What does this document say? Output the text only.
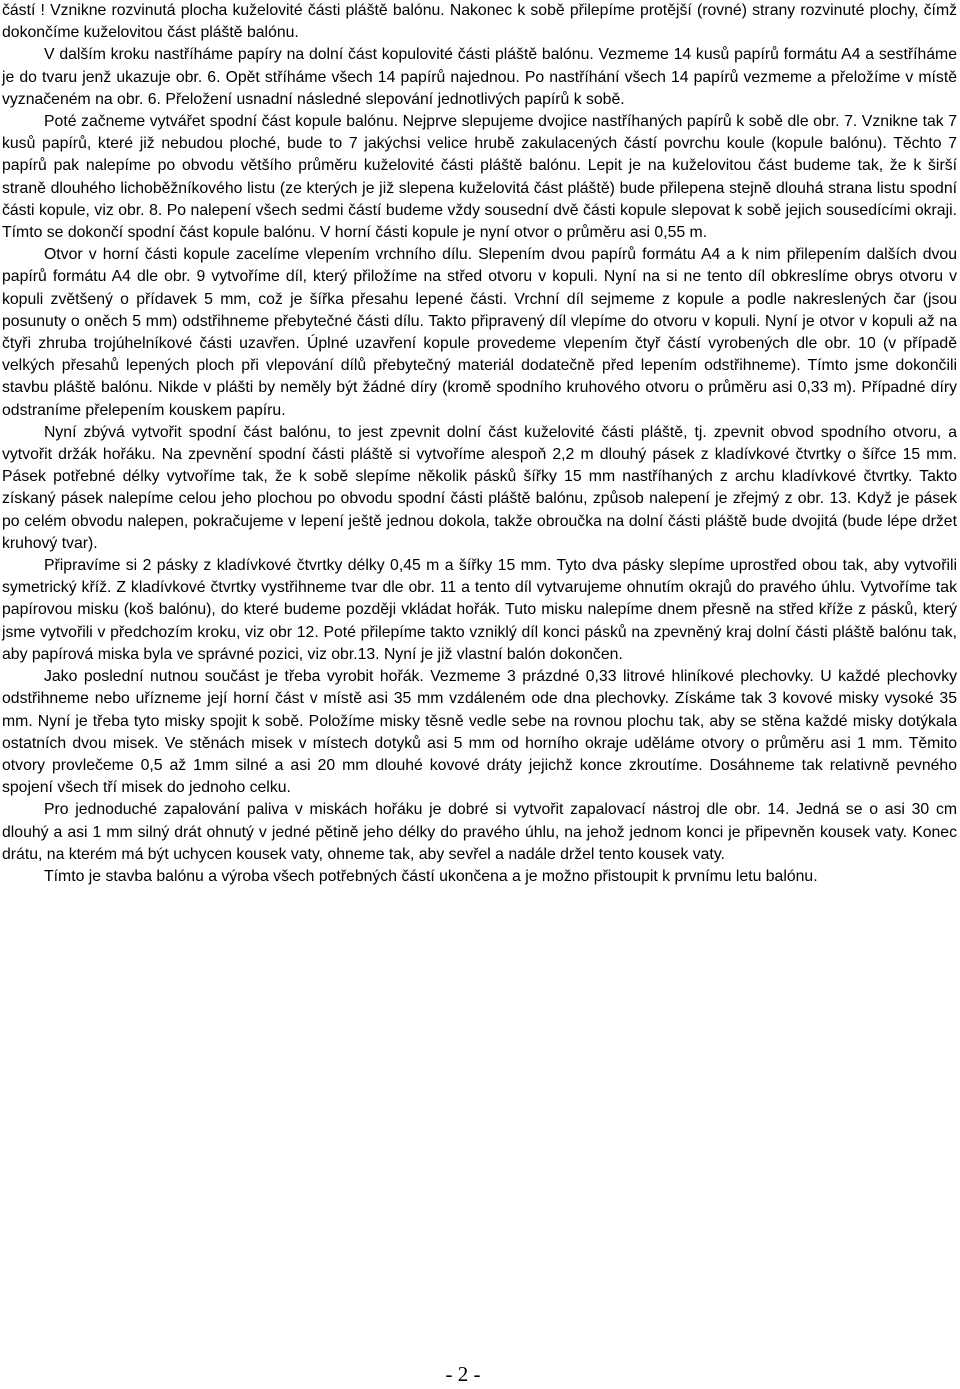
částí ! Vznikne rozvinutá plocha kuželovité části pláště balónu. Nakonec k sobě přilepíme protější (rovné) strany rozvinuté plochy, čímž dokončíme kuželovitou část pláště balónu.

V dalším kroku nastříháme papíry na dolní část kopulovité části pláště balónu. Vezmeme 14 kusů papírů formátu A4 a sestříháme je do tvaru jenž ukazuje obr. 6. Opět stříháme všech 14 papírů najednou. Po nastříhání všech 14 papírů vezmeme a přeložíme v místě vyznačeném na obr. 6. Přeložení usnadní následné slepování jednotlivých papírů k sobě.

Poté začneme vytvářet spodní část kopule balónu. Nejprve slepujeme dvojice nastříhaných papírů k sobě dle obr. 7. Vznikne tak 7 kusů papírů, které již nebudou ploché, bude to 7 jakýchsi velice hrubě zakulacených částí povrchu koule (kopule balónu). Těchto 7 papírů pak nalepíme po obvodu většího průměru kuželovité části pláště balónu. Lepit je na kuželovitou část budeme tak, že k širší straně dlouhého lichoběžníkového listu (ze kterých je již slepena kuželovitá část pláště) bude přilepena stejně dlouhá strana listu spodní části kopule, viz obr. 8. Po nalepení všech sedmi částí budeme vždy sousední dvě části kopule slepovat k sobě jejich sousedícími okraji. Tímto se dokončí spodní část kopule balónu. V horní části kopule je nyní otvor o průměru asi 0,55 m.

Otvor v horní části kopule zacelíme vlepením vrchního dílu. Slepením dvou papírů formátu A4 a k nim přilepením dalších dvou papírů formátu A4 dle obr. 9 vytvoříme díl, který přiložíme na střed otvoru v kopuli. Nyní na si ne tento díl obkreslíme obrys otvoru v kopuli zvětšený o přídavek 5 mm, což je šířka přesahu lepené části. Vrchní díl sejmeme z kopule a podle nakreslených čar (jsou posunuty o oněch 5 mm) odstřihneme přebytečné části dílu. Takto připravený díl vlepíme do otvoru v kopuli. Nyní je otvor v kopuli až na čtyři zhruba trojúhelníkové části uzavřen. Úplné uzavření kopule provedeme vlepením čtyř částí vyrobených dle obr. 10 (v případě velkých přesahů lepených ploch při vlepování dílů přebytečný materiál dodatečně před lepením odstřihneme). Tímto jsme dokončili stavbu pláště balónu. Nikde v plášti by neměly být žádné díry (kromě spodního kruhového otvoru o průměru asi 0,33 m). Případné díry odstraníme přelepením kouskem papíru.

Nyní zbývá vytvořit spodní část balónu, to jest zpevnit dolní část kuželovité části pláště, tj. zpevnit obvod spodního otvoru, a vytvořit držák hořáku. Na zpevnění spodní části pláště si vytvoříme alespoň 2,2 m dlouhý pásek z kladívkové čtvrtky o šířce 15 mm. Pásek potřebné délky vytvoříme tak, že k sobě slepíme několik pásků šířky 15 mm nastříhaných z archu kladívkové čtvrtky. Takto získaný pásek nalepíme celou jeho plochou po obvodu spodní části pláště balónu, způsob nalepení je zřejmý z obr. 13. Když je pásek po celém obvodu nalepen, pokračujeme v lepení ještě jednou dokola, takže obroučka na dolní části pláště bude dvojitá (bude lépe držet kruhový tvar).

Připravíme si 2 pásky z kladívkové čtvrtky délky 0,45 m a šířky 15 mm. Tyto dva pásky slepíme uprostřed obou tak, aby vytvořili symetrický kříž. Z kladívkové čtvrtky vystřihneme tvar dle obr. 11 a tento díl vytvarujeme ohnutím okrajů do pravého úhlu. Vytvoříme tak papírovou misku (koš balónu), do které budeme později vkládat hořák. Tuto misku nalepíme dnem přesně na střed kříže z pásků, který jsme vytvořili v předchozím kroku, viz obr 12. Poté přilepíme takto vzniklý díl konci pásků na zpevněný kraj dolní části pláště balónu tak, aby papírová miska byla ve správné pozici, viz obr.13. Nyní je již vlastní balón dokončen.

Jako poslední nutnou součást je třeba vyrobit hořák. Vezmeme 3 prázdné 0,33 litrové hliníkové plechovky. U každé plechovky odstřihneme nebo uřízneme její horní část v místě asi 35 mm vzdáleném ode dna plechovky. Získáme tak 3 kovové misky vysoké 35 mm. Nyní je třeba tyto misky spojit k sobě. Položíme misky těsně vedle sebe na rovnou plochu tak, aby se stěna každé misky dotýkala ostatních dvou misek. Ve stěnách misek v místech dotyků asi 5 mm od horního okraje uděláme otvory o průměru asi 1 mm. Těmito otvory provlečeme 0,5 až 1mm silné a asi 20 mm dlouhé kovové dráty jejichž konce zkroutíme. Dosáhneme tak relativně pevného spojení všech tří misek do jednoho celku.

Pro jednoduché zapalování paliva v miskách hořáku je dobré si vytvořit zapalovací nástroj dle obr. 14. Jedná se o asi 30 cm dlouhý a asi 1 mm silný drát ohnutý v jedné pětině jeho délky do pravého úhlu, na jehož jednom konci je připevněn kousek vaty. Konec drátu, na kterém má být uchycen kousek vaty, ohneme tak, aby sevřel a nadále držel tento kousek vaty.

Tímto je stavba balónu a výroba všech potřebných částí ukončena a je možno přistoupit k prvnímu letu balónu.

- 2 -
